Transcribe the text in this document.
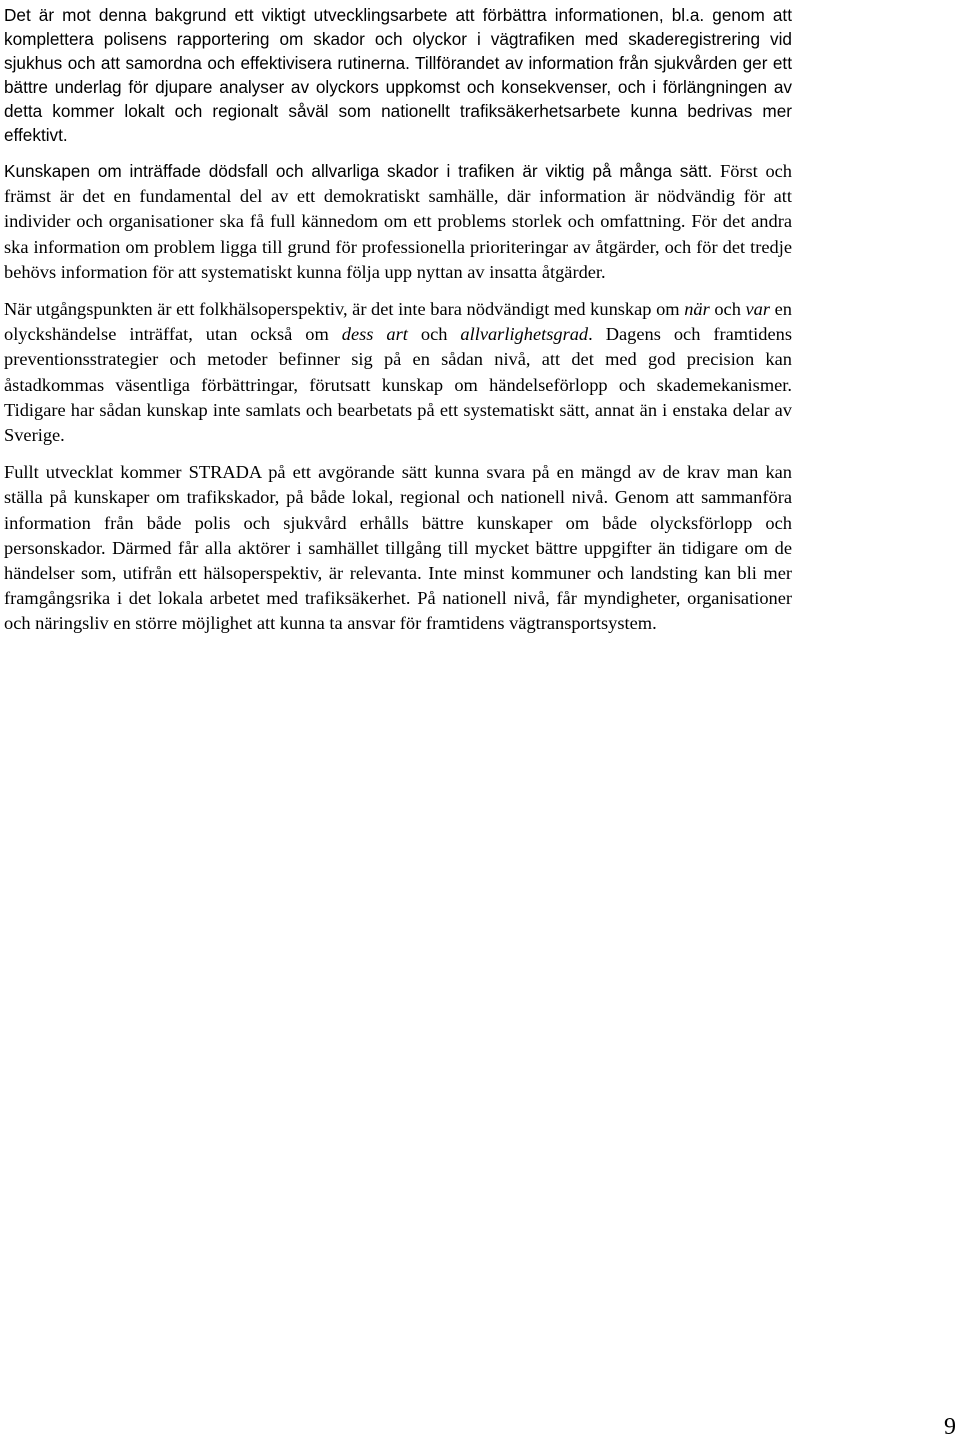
Det är mot denna bakgrund ett viktigt utvecklingsarbete att förbättra informationen, bl.a. genom att komplettera polisens rapportering om skador och olyckor i vägtrafiken med skaderegistrering vid sjukhus och att samordna och effektivisera rutinerna. Tillförandet av information från sjukvården ger ett bättre underlag för djupare analyser av olyckors uppkomst och konsekvenser, och i förlängningen av detta kommer lokalt och regionalt såväl som nationellt trafiksäkerhetsarbete kunna bedrivas mer effektivt.

Kunskapen om inträffade dödsfall och allvarliga skador i trafiken är viktig på många sätt. Först och främst är det en fundamental del av ett demokratiskt samhälle, där information är nödvändig för att individer och organisationer ska få full kännedom om ett problems storlek och omfattning. För det andra ska information om problem ligga till grund för professionella prioriteringar av åtgärder, och för det tredje behövs information för att systematiskt kunna följa upp nyttan av insatta åtgärder.

När utgångspunkten är ett folkhälsoperspektiv, är det inte bara nödvändigt med kunskap om när och var en olyckshändelse inträffat, utan också om dess art och allvarlighetsgrad. Dagens och framtidens preventionsstrategier och metoder befinner sig på en sådan nivå, att det med god precision kan åstadkommas väsentliga förbättringar, förutsatt kunskap om händelseförlopp och skademekanismer. Tidigare har sådan kunskap inte samlats och bearbetats på ett systematiskt sätt, annat än i enstaka delar av Sverige.

Fullt utvecklat kommer STRADA på ett avgörande sätt kunna svara på en mängd av de krav man kan ställa på kunskaper om trafikskador, på både lokal, regional och nationell nivå. Genom att sammanföra information från både polis och sjukvård erhålls bättre kunskaper om både olycksförlopp och personskador. Därmed får alla aktörer i samhället tillgång till mycket bättre uppgifter än tidigare om de händelser som, utifrån ett hälsoperspektiv, är relevanta. Inte minst kommuner och landsting kan bli mer framgångsrika i det lokala arbetet med trafiksäkerhet. På nationell nivå, får myndigheter, organisationer och näringsliv en större möjlighet att kunna ta ansvar för framtidens vägtransportsystem.

9
